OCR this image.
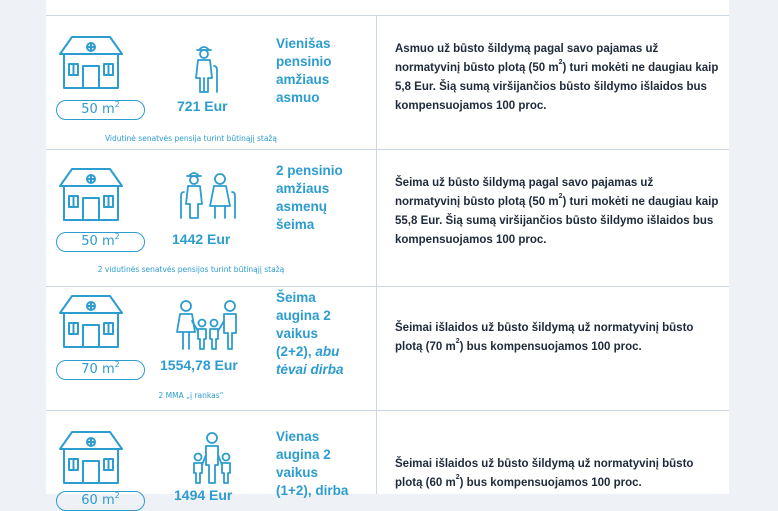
50 $m^2$	721 Eur
Vienišas
pensinio
amžiaus
asmuo
Vidutinė senatvės pensija turint būtinąjį stažą
Asmuo už būsto šildymą pagal savo pajamas už normatyvinį būsto plotą (50 $m^2$) turi mokėti ne daugiau kaip 5,8 Eur. Šią sumą viršijančios būsto šildymo išlaidos bus kompensuojamos 100 proc.
50 $m^2$	1442 Eur
2 pensinio
amžiaus
asmenų
šeima
2 vidutinės senatvės pensijos turint būtinąjį stažą
Šeima už būsto šildymą pagal savo pajamas už normatyvinį būsto plotą (50 $m^2$) turi mokėti ne daugiau kaip 55,8 Eur. Šią sumą viršijančios būsto šildymo išlaidos bus kompensuojamos 100 proc.
70 $m^2$	1554,78 Eur
Šeima
augina 2
vaikus
(2+2), abu
tėvai dirba
2 MMA „į rankas“
Šeimai išlaidos už būsto šildymą už normatyvinį būsto plotą (70 $m^2$) bus kompensuojamos 100 proc.
60 $m^2$	1494 Eur
Vienas
augina 2
vaikus
(1+2), dirba
Šeimai išlaidos už būsto šildymą už normatyvinį būsto plotą (60 $m^2$) bus kompensuojamos 100 proc.
